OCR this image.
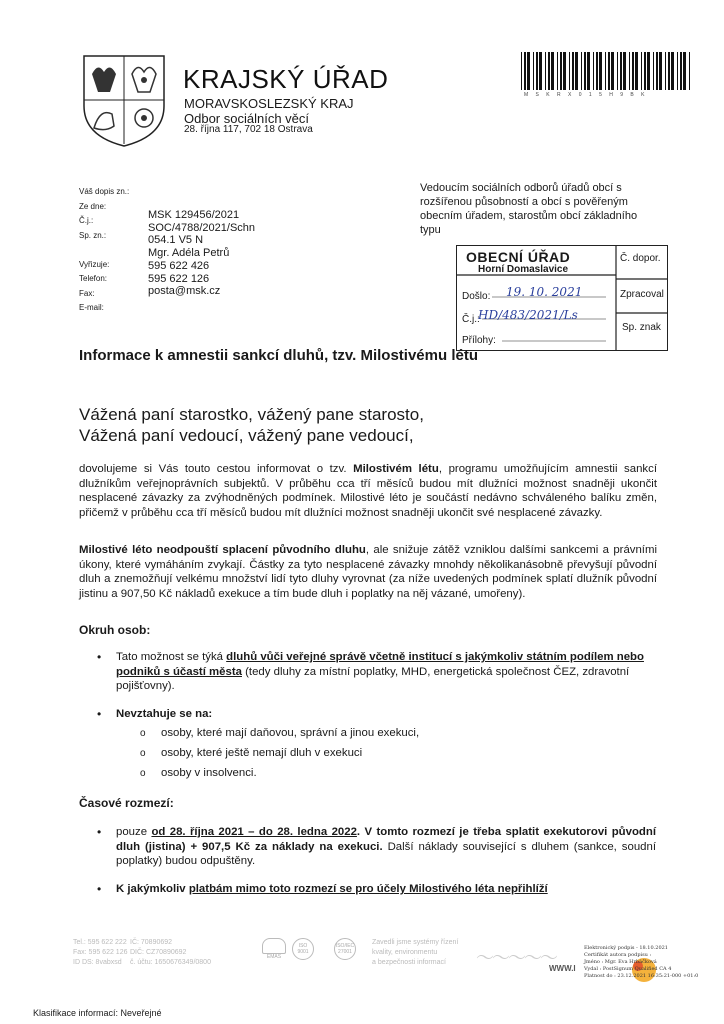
KRAJSKÝ ÚŘAD
MORAVSKOSLEZSKÝ KRAJ
Odbor sociálních věcí
28. října 117, 702 18 Ostrava
M S K R X 0 1 5 H 9 B K
Váš dopis zn.:
Ze dne:
Č.j.:
Sp. zn.:

Vyřizuje:
Telefon:
Fax:
E-mail:
MSK 129456/2021
SOC/4788/2021/Schn
054.1 V5 N
Mgr. Adéla Petrů
595 622 426
595 622 126
posta@msk.cz
Vedoucím sociálních odborů úřadů obcí s rozšířenou působností a obcí s pověřeným obecním úřadem, starostům obcí základního typu
OBECNÍ ÚŘAD
Horní Domaslavice
Č. dopor.
Zpracoval
Sp. znak
Došlo:
Č.j.:
Přílohy:
19. 10. 2021
HD/483/2021/Ls
Informace k amnestii sankcí dluhů, tzv. Milostivému létu
Vážená paní starostko, vážený pane starosto,
Vážená paní vedoucí, vážený pane vedoucí,
dovolujeme si Vás touto cestou informovat o tzv. Milostivém létu, programu umožňujícím amnestii sankcí dlužníkům veřejnoprávních subjektů. V průběhu cca tří měsíců budou mít dlužníci možnost snadněji ukončit nesplacené závazky za zvýhodněných podmínek. Milostivé léto je součástí nedávno schváleného balíku změn, přičemž v průběhu cca tří měsíců budou mít dlužníci možnost snadněji ukončit své nesplacené závazky.
Milostivé léto neodpouští splacení původního dluhu, ale snižuje zátěž vzniklou dalšími sankcemi a právními úkony, které vymáháním zvykají. Částky za tyto nesplacené závazky mnohdy několikanásobně převyšují původní dluh a znemožňují velkému množství lidí tyto dluhy vyrovnat (za níže uvedených podmínek splatí dlužník původní jistinu a 907,50 Kč nákladů exekuce a tím bude dluh i poplatky na něj vázané, umořeny).
Okruh osob:
• Tato možnost se týká dluhů vůči veřejné správě včetně institucí s jakýmkoliv státním podílem nebo podniků s účastí města (tedy dluhy za místní poplatky, MHD, energetická společnost ČEZ, zdravotní pojišťovny).
• Nevztahuje se na:
o osoby, které mají daňovou, správní a jinou exekuci,
o osoby, které ještě nemají dluh v exekuci
o osoby v insolvenci.
Časové rozmezí:
• pouze od 28. října 2021 – do 28. ledna 2022. V tomto rozmezí je třeba splatit exekutorovi původní dluh (jistina) + 907,5 Kč za náklady na exekuci. Další náklady související s dluhem (sankce, soudní poplatky) budou odpuštěny.
• K jakýmkoliv platbám mimo toto rozmezí se pro účely Milostivého léta nepřihlíží
Tel.: 595 622 222
Fax: 595 622 126
ID DS: 8vabxsd
IČ: 70890692
DIČ: CZ70890692
č. účtu: 1650676349/0800
EMAS
ISO 9001
ISO/IEC 27001
Zavedli jsme systémy řízení
kvality, environmentu
a bezpečnosti informací	〜〜〜〜〜
WWW.I
Elektronický podpis - 18.10.2021
Certifikát autora podpisu :
Jméno : Mgr. Eva Hrbáčková
Vydal : PostSignum Qualified CA 4
Platnost do : 23.12.2021 16:35:21-000 +01:0
Klasifikace informací: Neveřejné
